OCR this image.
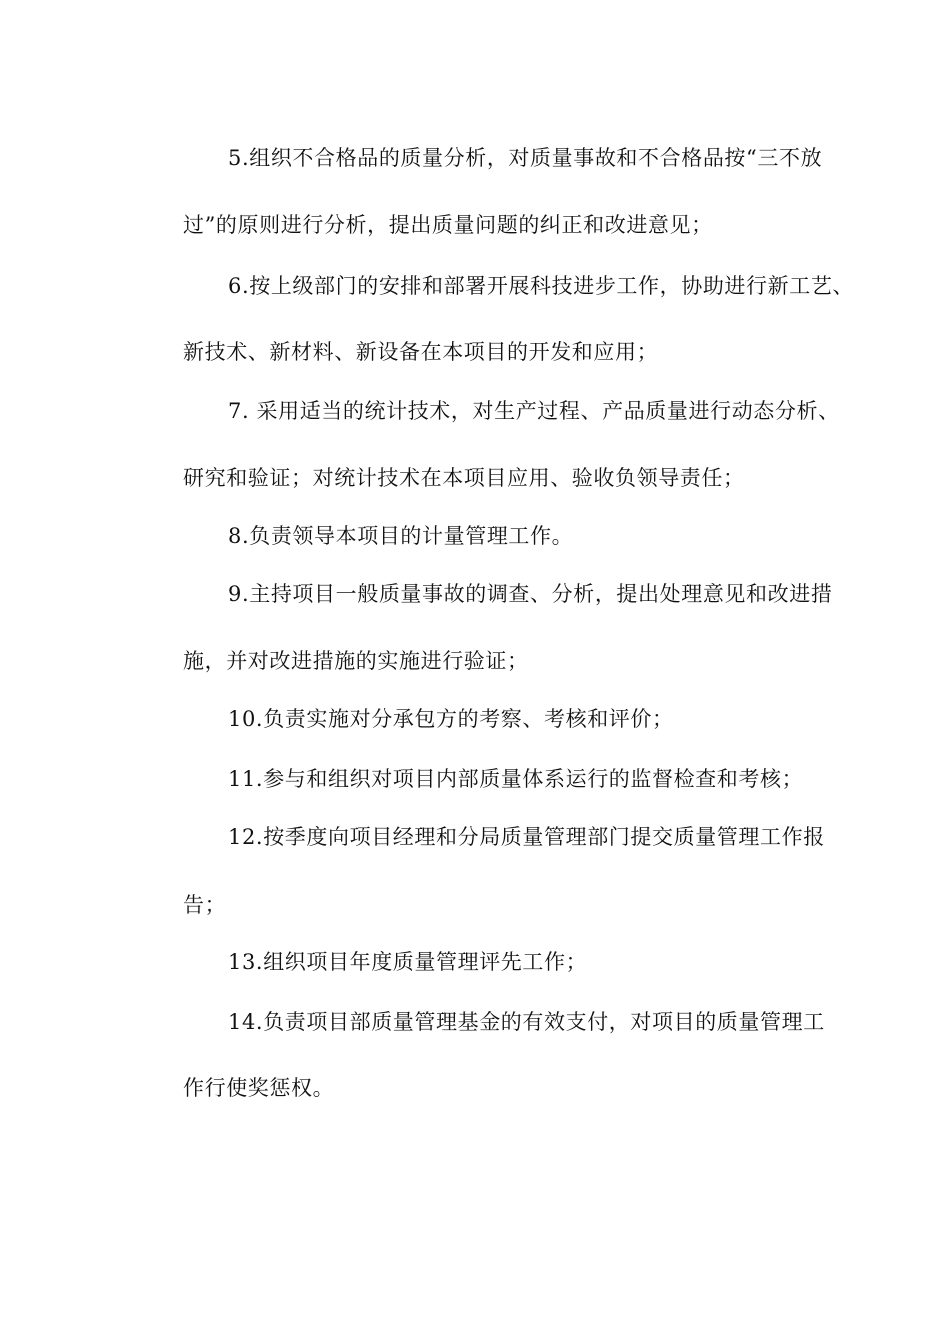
5.组织不合格品的质量分析，对质量事故和不合格品按“三不放
过”的原则进行分析，提出质量问题的纠正和改进意见；
6.按上级部门的安排和部署开展科技进步工作，协助进行新工艺、
新技术、新材料、新设备在本项目的开发和应用；
7. 采用适当的统计技术，对生产过程、产品质量进行动态分析、
研究和验证；对统计技术在本项目应用、验收负领导责任；
8.负责领导本项目的计量管理工作。
9.主持项目一般质量事故的调查、分析，提出处理意见和改进措
施，并对改进措施的实施进行验证；
10.负责实施对分承包方的考察、考核和评价；
11.参与和组织对项目内部质量体系运行的监督检查和考核；
12.按季度向项目经理和分局质量管理部门提交质量管理工作报
告；
13.组织项目年度质量管理评先工作；
14.负责项目部质量管理基金的有效支付，对项目的质量管理工
作行使奖惩权。
